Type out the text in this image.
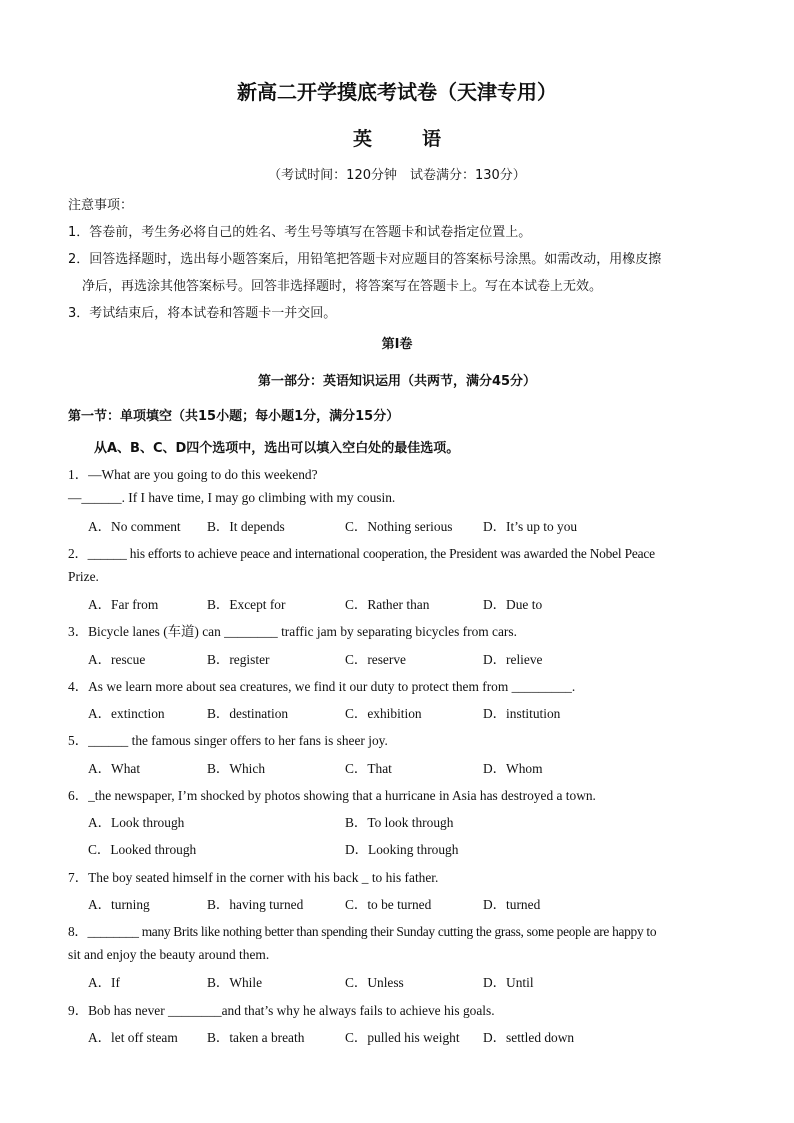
新高二开学摸底考试卷（天津专用）
英语
（考试时间：120分钟　试卷满分：130分）
注意事项：
1．答卷前，考生务必将自己的姓名、考生号等填写在答题卡和试卷指定位置上。
2．回答选择题时，选出每小题答案后，用铅笔把答题卡对应题目的答案标号涂黑。如需改动，用橡皮擦
净后，再选涂其他答案标号。回答非选择题时，将答案写在答题卡上。写在本试卷上无效。
3．考试结束后，将本试卷和答题卡一并交回。
第I卷
第一部分：英语知识运用（共两节，满分45分）
第一节：单项填空（共15小题；每小题1分，满分15分）
从A、B、C、D四个选项中，选出可以填入空白处的最佳选项。
1．—What are you going to do this weekend?
—______. If I have time, I may go climbing with my cousin.
A．No comment B．It depends	C．Nothing serious D．It’s up to you
2．______ his efforts to achieve peace and international cooperation, the President was awarded the Nobel Peace
Prize.
A．Far from	B．Except for	C．Rather than	D．Due to
3．Bicycle lanes (车道) can ________ traffic jam by separating bicycles from cars.
A．rescue	B．register	C．reserve	D．relieve
4．As we learn more about sea creatures, we find it our duty to protect them from _________.
A．extinction	B．destination	C．exhibition	D．institution
5．______ the famous singer offers to her fans is sheer joy.
A．What	B．Which	C．That	D．Whom
6．_the newspaper, I’m shocked by photos showing that a hurricane in Asia has destroyed a town.
A．Look through	B．To look through
C．Looked through	D．Looking through
7．The boy seated himself in the corner with his back _ to his father.
A．turning	B．having turned	C．to be turned	D．turned
8．________ many Brits like nothing better than spending their Sunday cutting the grass, some people are happy to
sit and enjoy the beauty around them.
A．If	B．While	C．Unless	D．Until
9．Bob has never ________and that’s why he always fails to achieve his goals.
A．let off steam B．taken a breath	C．pulled his weight D．settled down
